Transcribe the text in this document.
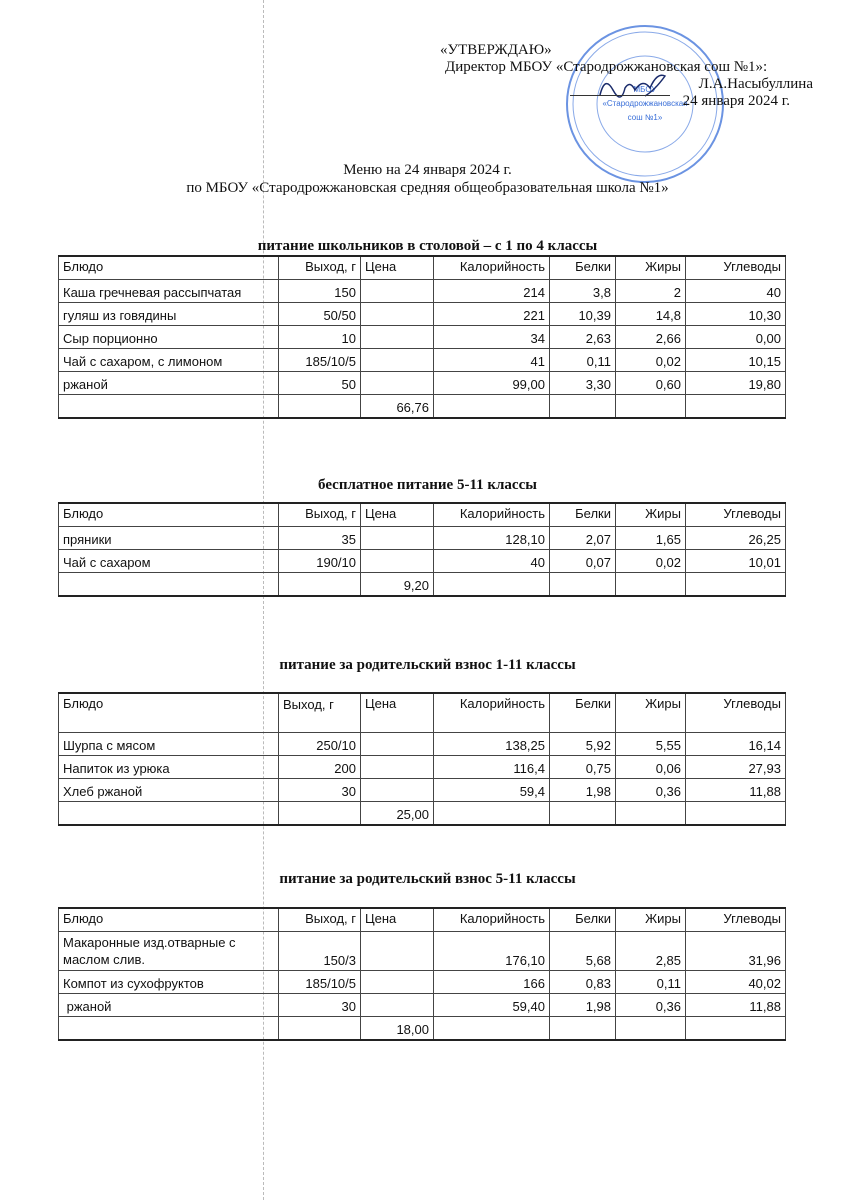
МБОУ
«Стародрожжановская
сош №1»
«УТВЕРЖДАЮ»
Директор МБОУ «Стародрожжановская сош №1»:
Л.А.Насыбуллина
24 января 2024 г.
Меню на 24 января 2024 г.
по МБОУ «Стародрожжановская средняя общеобразовательная школа №1»
питание школьников в столовой – с 1 по 4 классы
Блюдо	Выход, г	Цена	Калорийность	Белки	Жиры	Углеводы
Каша гречневая рассыпчатая	150		214	3,8	2	40
гуляш из говядины	50/50		221	10,39	14,8	10,30
Сыр порционно	10		34	2,63	2,66	0,00
Чай с сахаром, с лимоном	185/10/5		41	0,11	0,02	10,15
ржаной	50		99,00	3,30	0,60	19,80
		66,76				
бесплатное питание 5-11 классы
Блюдо	Выход, г	Цена	Калорийность	Белки	Жиры	Углеводы
пряники	35		128,10	2,07	1,65	26,25
Чай с сахаром	190/10		40	0,07	0,02	10,01
		9,20				
питание за родительский взнос 1-11 классы
Блюдо	Выход, г	Цена	Калорийность	Белки	Жиры	Углеводы
Шурпа с мясом	250/10		138,25	5,92	5,55	16,14
Напиток из урюка	200		116,4	0,75	0,06	27,93
Хлеб ржаной	30		59,4	1,98	0,36	11,88
		25,00				
питание за родительский взнос 5-11 классы
Блюдо	Выход, г	Цена	Калорийность	Белки	Жиры	Углеводы
Макаронные изд.отварные с маслом слив.	150/3		176,10	5,68	2,85	31,96
Компот из сухофруктов	185/10/5		166	0,83	0,11	40,02
ржаной	30		59,40	1,98	0,36	11,88
		18,00				
